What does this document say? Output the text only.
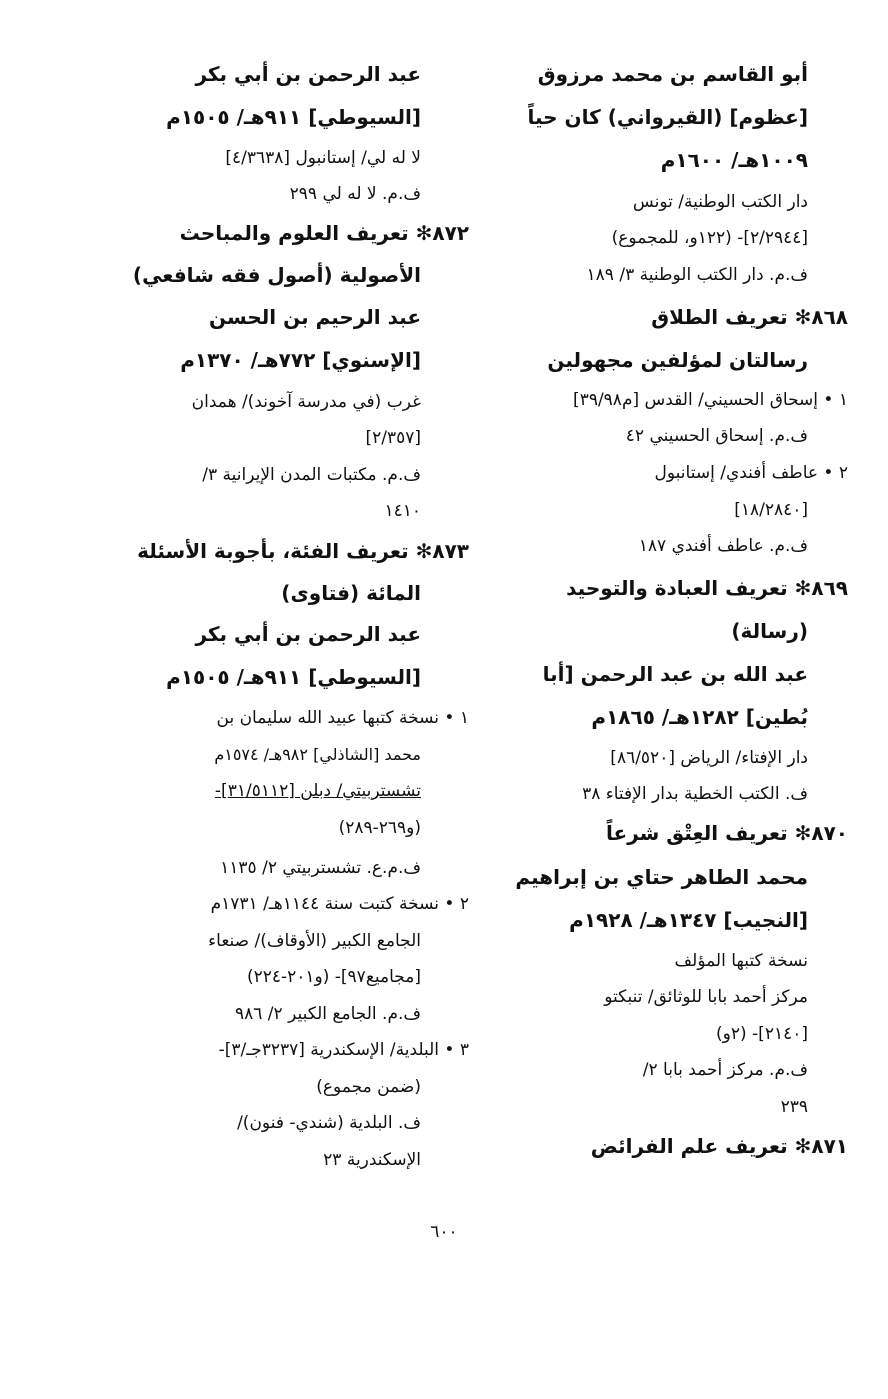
أبو القاسم بن محمد مرزوق
[عظوم] (القيرواني) كان حياً
١٠٠٩هـ/ ١٦٠٠م
دار الكتب الوطنية/ تونس
[٢/٢٩٤٤]- (١٢٢و، للمجموع)
ف.م. دار الكتب الوطنية ٣/ ١٨٩
٨٦٨✻ تعريف الطلاق
رسالتان لمؤلفين مجهولين
١ • إسحاق الحسيني/ القدس [م٣٩/٩٨]
ف.م. إسحاق الحسيني ٤٢
٢ • عاطف أفندي/ إستانبول
[١٨/٢٨٤٠]
ف.م. عاطف أفندي ١٨٧
٨٦٩✻ تعريف العبادة والتوحيد
(رسالة)
عبد الله بن عبد الرحمن [أبا
بُطين] ١٢٨٢هـ/ ١٨٦٥م
دار الإفتاء/ الرياض [٨٦/٥٢٠]
ف. الكتب الخطية بدار الإفتاء ٣٨
٨٧٠✻ تعريف العِتْق شرعاً
محمد الطاهر حتاي بن إبراهيم
[النجيب] ١٣٤٧هـ/ ١٩٢٨م
نسخة كتبها المؤلف
مركز أحمد بابا للوثائق/ تنبكتو
[٢١٤٠]- (٢و)
ف.م. مركز أحمد بابا ٢/
٢٣٩
٨٧١✻ تعريف علم الفرائض
عبد الرحمن بن أبي بكر
[السيوطي] ٩١١هـ/ ١٥٠٥م
لا له لي/ إستانبول [٤/٣٦٣٨]
ف.م. لا له لي ٢٩٩
٨٧٢✻ تعريف العلوم والمباحث
الأصولية (أصول فقه شافعي)
عبد الرحيم بن الحسن
[الإسنوي] ٧٧٢هـ/ ١٣٧٠م
غرب (في مدرسة آخوند)/ همدان
[٢/٣٥٧]
ف.م. مكتبات المدن الإيرانية ٣/
١٤١٠
٨٧٣✻ تعريف الفئة، بأجوبة الأسئلة
المائة (فتاوى)
عبد الرحمن بن أبي بكر
[السيوطي] ٩١١هـ/ ١٥٠٥م
١ • نسخة كتبها عبيد الله سليمان بن
محمد [الشاذلي] ٩٨٢هـ/ ١٥٧٤م
تشستربيتي/ دبلن [٣١/٥١١٢]-
(و٢٦٩-٢٨٩)
ف.م.ع. تشستربيتي ٢/ ١١٣٥
٢ • نسخة كتبت سنة ١١٤٤هـ/ ١٧٣١م
الجامع الكبير (الأوقاف)/ صنعاء
[مجاميع٩٧]- (و٢٠١-٢٢٤)
ف.م. الجامع الكبير ٢/ ٩٨٦
٣ • البلدية/ الإسكندرية [٣٢٣٧جـ/٣]-
(ضمن مجموع)
ف. البلدية (شندي- فنون)/
الإسكندرية ٢٣
٦٠٠
